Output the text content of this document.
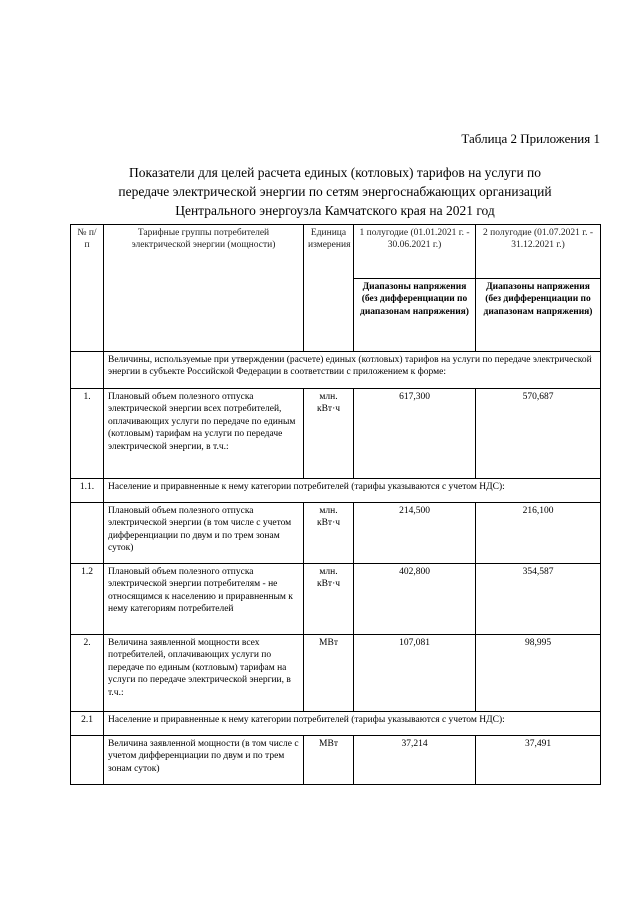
Таблица 2 Приложения 1
Показатели для целей расчета единых (котловых) тарифов на услуги по
передаче электрической энергии по сетям энергоснабжающих организаций
Центрального энергоузла Камчатского края на 2021 год
№ п/п	Тарифные группы потребителей электрической энергии (мощности)	Единица измерения	1 полугодие (01.01.2021 г. - 30.06.2021 г.)	2 полугодие (01.07.2021 г. - 31.12.2021 г.)
			Диапазоны напряжения (без дифференциации по диапазонам напряжения)	Диапазоны напряжения (без дифференциации по диапазонам напряжения)
	Величины, используемые при утверждении (расчете) единых (котловых) тарифов на услуги по передаче электрической энергии в субъекте Российской Федерации в соответствии с приложением к форме:			
1.	Плановый объем полезного отпуска электрической энергии всех потребителей, оплачивающих услуги по передаче по единым (котловым) тарифам на услуги по передаче электрической энергии, в т.ч.:	млн. кВт·ч	617,300	570,687
1.1.	Население и приравненные к нему категории потребителей (тарифы указываются с учетом НДС):			
	Плановый объем полезного отпуска электрической энергии (в том числе с учетом дифференциации по двум и по трем зонам суток)	млн. кВт·ч	214,500	216,100
1.2	Плановый объем полезного отпуска электрической энергии потребителям - не относящимся к населению и приравненным к нему категориям потребителей	млн. кВт·ч	402,800	354,587
2.	Величина заявленной мощности всех потребителей, оплачивающих услуги по передаче по единым (котловым) тарифам на услуги по передаче электрической энергии, в т.ч.:	МВт	107,081	98,995
2.1	Население и приравненные к нему категории потребителей (тарифы указываются с учетом НДС):			
	Величина заявленной мощности (в том числе с учетом дифференциации по двум и по трем зонам суток)	МВт	37,214	37,491
